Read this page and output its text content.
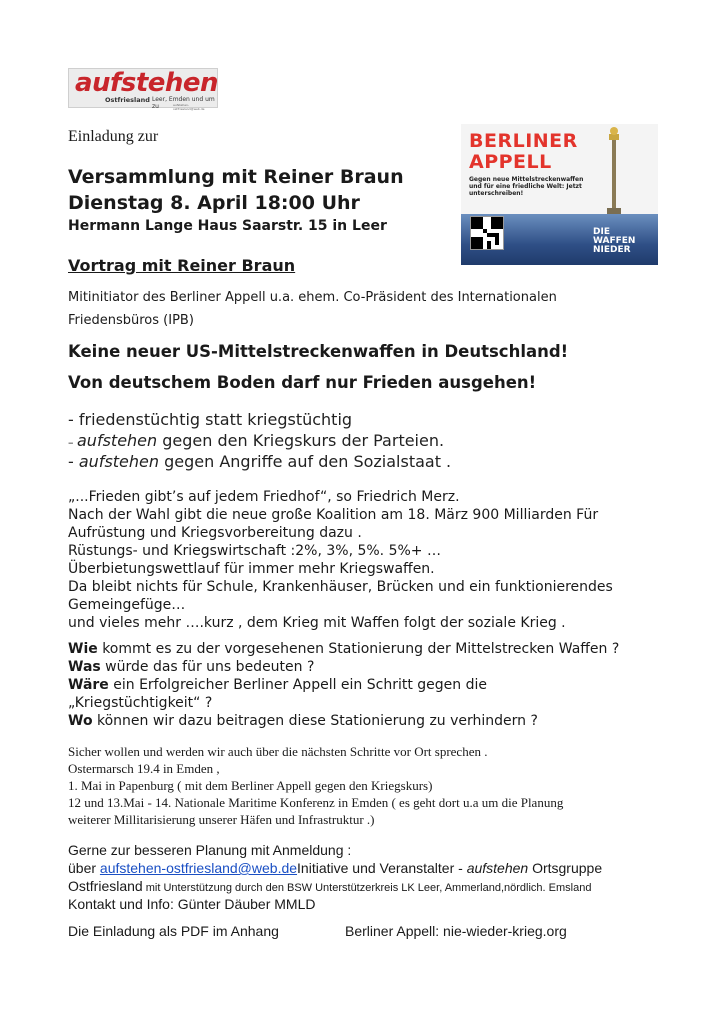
aufstehen
Ostfriesland Leer, Emden und um zu	aufstehen-ostfriesland@web.de
Einladung zur
Versammlung mit Reiner Braun
Dienstag 8. April 18:00 Uhr
Hermann Lange Haus Saarstr. 15 in Leer
BERLINER
APPELL
Gegen neue Mittelstreckenwaffen und für eine friedliche Welt: Jetzt unterschreiben!
DIE
WAFFEN
NIEDER
Vortrag mit Reiner Braun
Mitinitiator des Berliner Appell u.a. ehem. Co-Präsident des Internationalen
Friedensbüros (IPB)
Keine neuer US-Mittelstreckenwaffen in Deutschland!
Von deutschem Boden darf nur Frieden ausgehen!
- friedenstüchtig statt kriegstüchtig
– aufstehen gegen den Kriegskurs der Parteien.
- aufstehen gegen Angriffe auf den Sozialstaat .
„...Frieden gibt’s auf jedem Friedhof“, so Friedrich Merz.
Nach der Wahl gibt die neue große Koalition am 18. März 900 Milliarden Für
Aufrüstung und Kriegsvorbereitung dazu .
Rüstungs- und Kriegswirtschaft :2%, 3%, 5%. 5%+ …
Überbietungswettlauf für immer mehr Kriegswaffen.
Da bleibt nichts für Schule, Krankenhäuser, Brücken und ein funktionierendes
Gemeingefüge…
und vieles mehr ….kurz , dem Krieg mit Waffen folgt der soziale Krieg .
Wie kommt es zu der vorgesehenen Stationierung der Mittelstrecken Waffen ?
Was würde das für uns bedeuten ?
Wäre ein Erfolgreicher Berliner Appell ein Schritt gegen die
„Kriegstüchtigkeit“ ?
Wo können wir dazu beitragen diese Stationierung zu verhindern ?
Sicher wollen und werden wir auch über die nächsten Schritte vor Ort sprechen .
Ostermarsch 19.4 in Emden ,
1. Mai in Papenburg ( mit dem Berliner Appell gegen den Kriegskurs)
12 und 13.Mai - 14. Nationale Maritime Konferenz in Emden ( es geht dort u.a um die Planung
weiterer Millitarisierung unserer Häfen und Infrastruktur .)
Gerne zur besseren Planung mit Anmeldung :
über aufstehen-ostfriesland@web.deInitiative und Veranstalter - aufstehen Ortsgruppe
Ostfriesland mit Unterstützung durch den BSW Unterstützerkreis LK Leer, Ammerland,nördlich. Emsland
Kontakt und Info: Günter Däuber MMLD
Die Einladung als PDF im Anhang	Berliner Appell: nie-wieder-krieg.org
